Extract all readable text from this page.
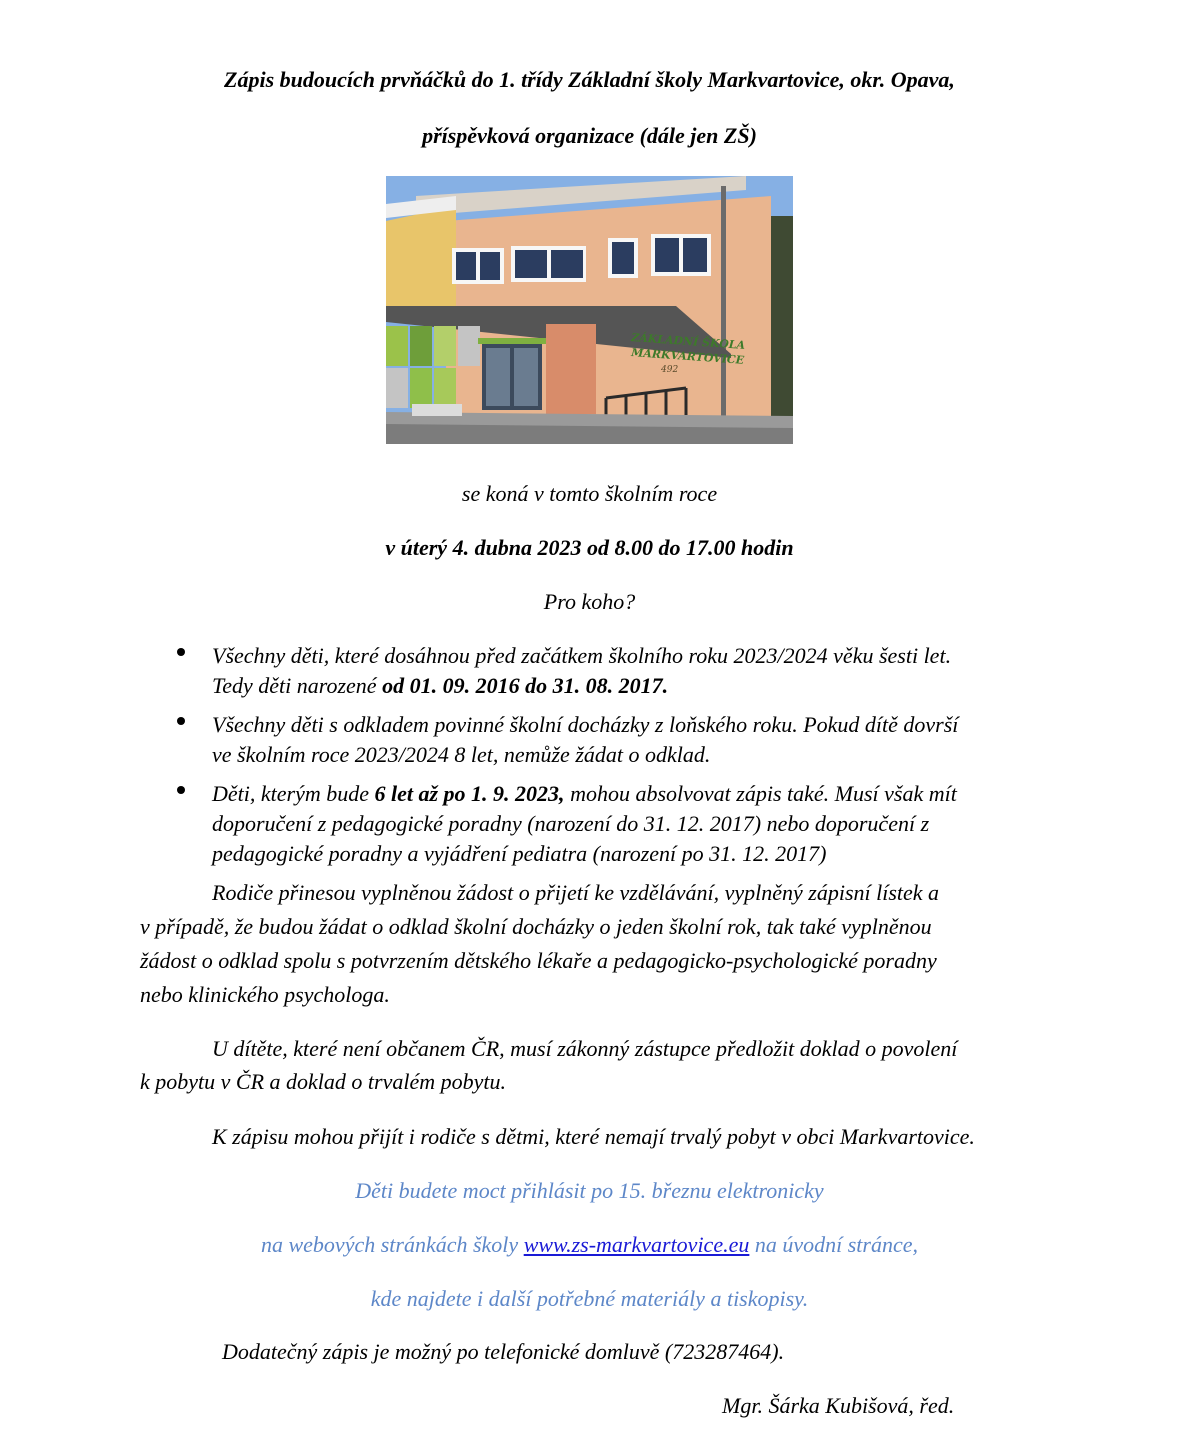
Zápis budoucích prvňáčků do 1. třídy Základní školy Markvartovice, okr. Opava,
příspěvková organizace (dále jen ZŠ)
ZÁKLADNÍ ŠKOLA
MARKVARTOVICE
492
se koná v tomto školním roce
v úterý 4. dubna 2023 od 8.00 do 17.00 hodin
Pro koho?
Všechny děti, které dosáhnou před začátkem školního roku 2023/2024 věku šesti let.
Tedy děti narozené od 01. 09. 2016 do 31. 08. 2017.
Všechny děti s odkladem povinné školní docházky z loňského roku. Pokud dítě dovrší
ve školním roce 2023/2024 8 let, nemůže žádat o odklad.
Děti, kterým bude 6 let až po 1. 9. 2023, mohou absolvovat zápis také. Musí však mít
doporučení z pedagogické poradny (narození do 31. 12. 2017) nebo doporučení z
pedagogické poradny a vyjádření pediatra (narození po 31. 12. 2017)
Rodiče přinesou vyplněnou žádost o přijetí ke vzdělávání, vyplněný zápisní lístek a
v případě, že budou žádat o odklad školní docházky o jeden školní rok, tak také vyplněnou
žádost o odklad spolu s potvrzením dětského lékaře a pedagogicko-psychologické poradny
nebo klinického psychologa.
U dítěte, které není občanem ČR, musí zákonný zástupce předložit doklad o povolení
k pobytu v ČR a doklad o trvalém pobytu.
K zápisu mohou přijít i rodiče s dětmi, které nemají trvalý pobyt v obci Markvartovice.
Děti budete moct přihlásit po 15. březnu elektronicky
na webových stránkách školy www.zs-markvartovice.eu na úvodní stránce,
kde najdete i další potřebné materiály a tiskopisy.
Dodatečný zápis je možný po telefonické domluvě (723287464).
Mgr. Šárka Kubišová, řed.
